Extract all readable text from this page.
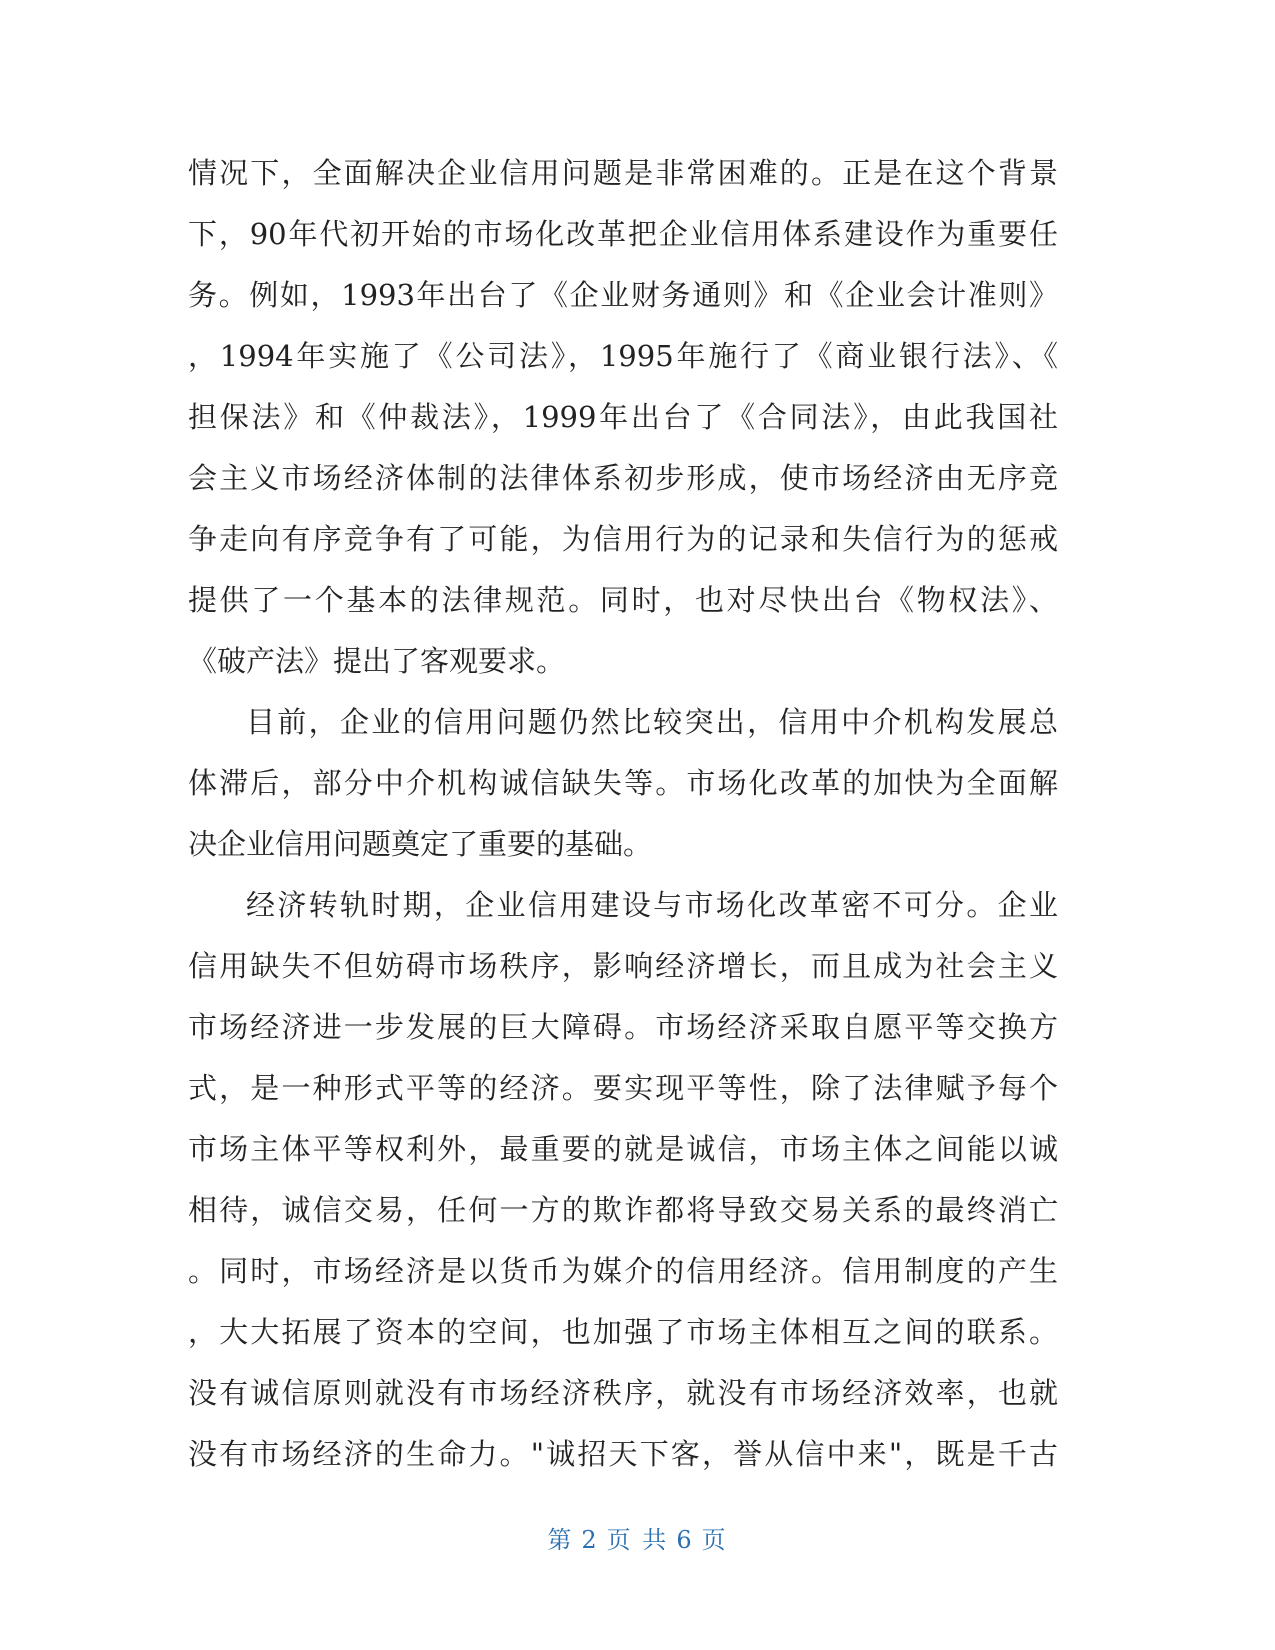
情况下，全面解决企业信用问题是非常困难的。正是在这个背景
下，90年代初开始的市场化改革把企业信用体系建设作为重要任
务。例如，1993年出台了《企业财务通则》和《企业会计准则》
，1994年实施了《公司法》，1995年施行了《商业银行法》、《
担保法》和《仲裁法》，1999年出台了《合同法》，由此我国社
会主义市场经济体制的法律体系初步形成，使市场经济由无序竞
争走向有序竞争有了可能，为信用行为的记录和失信行为的惩戒
提供了一个基本的法律规范。同时，也对尽快出台《物权法》、
《破产法》提出了客观要求。
目前，企业的信用问题仍然比较突出，信用中介机构发展总
体滞后，部分中介机构诚信缺失等。市场化改革的加快为全面解
决企业信用问题奠定了重要的基础。
经济转轨时期，企业信用建设与市场化改革密不可分。企业
信用缺失不但妨碍市场秩序，影响经济增长，而且成为社会主义
市场经济进一步发展的巨大障碍。市场经济采取自愿平等交换方
式，是一种形式平等的经济。要实现平等性，除了法律赋予每个
市场主体平等权利外，最重要的就是诚信，市场主体之间能以诚
相待，诚信交易，任何一方的欺诈都将导致交易关系的最终消亡
。同时，市场经济是以货币为媒介的信用经济。信用制度的产生
，大大拓展了资本的空间，也加强了市场主体相互之间的联系。
没有诚信原则就没有市场经济秩序，就没有市场经济效率，也就
没有市场经济的生命力。"诚招天下客，誉从信中来"，既是千古
第 2 页 共 6 页
